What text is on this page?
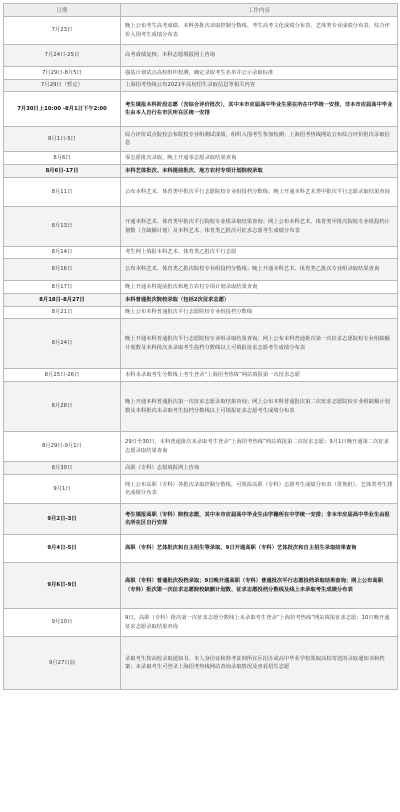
日期	工作内容
7月23日	晚上公布考生高考成绩、本科各批次录取控制分数线、考生高考文化成绩分布表、艺体类专业成绩分布表、综合评价入围考生成绩分布表
7月24日-25日	高考成绩复核；本科志愿填报网上咨询
7月29日-8月5日	强基计划试点高校组织校测，确定录取考生名单并公示录取标准
7月29日（暂定）	上海招考热线公布2021年高校招生录取信息等相关内容
7月30日上10:00 -8月1日下午2:00	考生填报本科阶段志愿（含综合评价批次），其中本市应届高中毕业生须在所在中学统一安排，非本市应届高中毕业生由本人自行在市区所在区统一安排
8月1日-5日	综合评价试点院校公布院校专业组测试成绩，组织入围考生参加校测；上海招考热线网站公布综合评价批次录取信息
8月6日	零志愿批次录取，晚上开通零志愿录取结果查询
8月6日-17日	本科艺体批次、本科提前批次、地方农村专项计划院校录取
8月11日	公布本科艺术、体育类甲批次平行志愿院校专业组投档分数线；晚上开通本科艺术类甲批次平行志愿录取结果查询
8月13日	开通本科艺术、体育类甲批次平行院校专业组录取结果查询；网上公布本科艺术、体育类甲批次院校专业组投档计划数（含缺额计划）及本科艺术、体育类乙批次可征求志愿考生成绩分布表
8月14日	考生网上填报本科艺术、体育类乙批次平行志愿
8月16日	公布本科艺术、体育类乙批次院校专业组投档分数线；晚上开通本科艺术、体育类乙批次专业组录取结果查询
8月17日	晚上开通本科提前批次和地方农村专项计划录取结果查询
8月18日-8月27日	本科普通批次院校录取（包括2次征求志愿）
8月21日	晚上公布本科普通批次平行志愿院校专业组投档分数线
8月24日	晚上开通本科普通批次平行志愿院校专业组录取结果查询；网上公布本科普通批次第一次征求志愿院校专业组缺额计划数及本科批次未录取考生投档分数线以上可填报征求志愿考生成绩分布表
8月25日-26日	本科未录取考生分数线上考生登录“上海招考热线”网站填报第一次征求志愿
8月28日	晚上开通本科普通批次第一次征求志愿录取结果查询；网上公布本科普通批次第二次征求志愿院校专业组缺额计划数及本科批次未录取考生投档分数线以上可填报征求志愿考生成绩分布表
8月29日-9月1日	29日至30日，本科普通批次未录取考生登录“上海招考热线”网站填报第二次征求志愿；9月1日晚开通第二次征求志愿录取结果查询
8月30日	高职（专科）志愿填报网上咨询
9月1日	网上公布高职（专科）各批次录取控制分数线，可填报高职（专科）志愿考生成绩分布表（常规批）、艺体类考生排名成绩分布表
9月2日-3日	考生填报高职（专科）院校志愿，其中本市应届高中毕业生由学籍所在中学统一安排；非本市应届高中毕业生由报名所在区自行安排
9月4日-5日	高职（专科）艺体批次和自主招生等录取，9日开通高职（专科）艺体批次和自主招生录取结果查询
9月6日-9日	高职（专科）普通批次投档录取；9日晚开通高职（专科）普通批次平行志愿投档录取结果查询；网上公布高职（专科）批次第一次征求志愿院校缺额计划数、征求志愿投档分数线及线上未录取考生成绩分布表
9月10日	9日，高职（专科）批次第一次征求志愿分数线上未录取考生登录“上海招考热线”网站填报征求志愿；10日晚开通征求志愿录取结果查询
9月27日前	录取考生按高校录取通知书、本人身份证和准考证到所在区招办或高中毕业学校领取高校寄送的录取通知书和档案；未录取考生可登录上海招考热线网站查询录取情况及查看招生志愿
